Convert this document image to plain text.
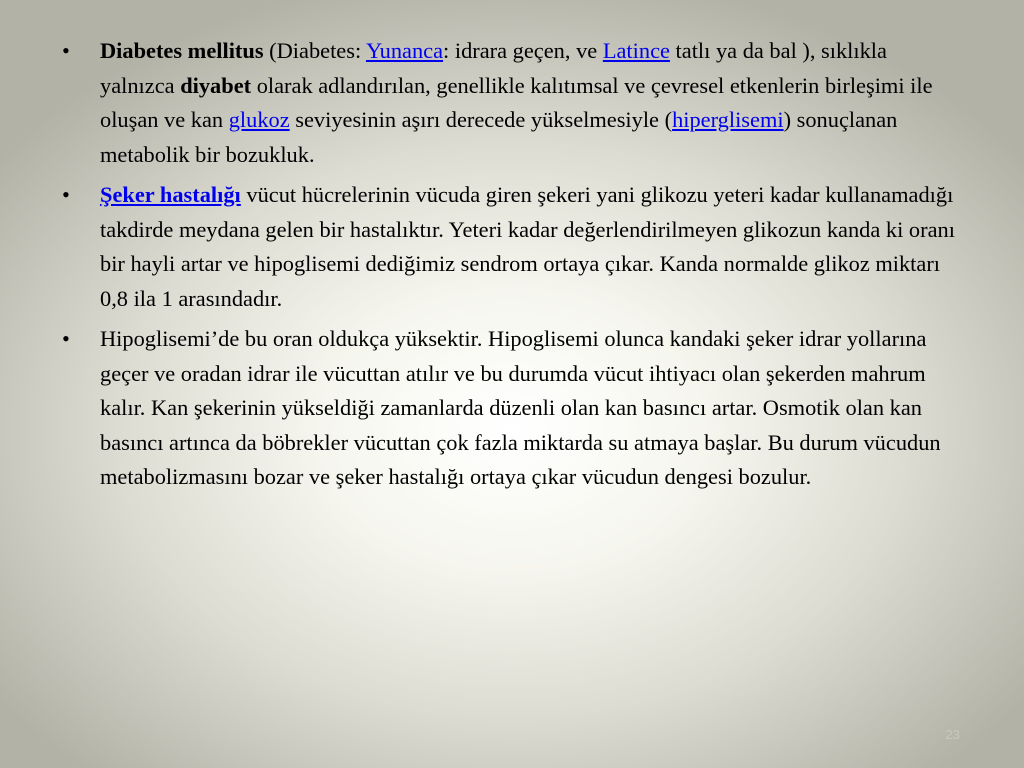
•	Diabetes mellitus (Diabetes: Yunanca: idrara geçen, ve Latince tatlı ya da bal ), sıklıkla yalnızca diyabet olarak adlandırılan, genellikle kalıtımsal ve çevresel etkenlerin birleşimi ile oluşan ve kan glukoz seviyesinin aşırı derecede yükselmesiyle (hiperglisemi) sonuçlanan metabolik bir bozukluk.
•	Şeker hastalığı vücut hücrelerinin vücuda giren şekeri yani glikozu yeteri kadar kullanamadığı takdirde meydana gelen bir hastalıktır. Yeteri kadar değerlendirilmeyen glikozun kanda ki oranı bir hayli artar ve hipoglisemi dediğimiz sendrom ortaya çıkar. Kanda normalde glikoz miktarı 0,8 ila 1 arasındadır.
•	Hipoglisemi’de bu oran oldukça yüksektir. Hipoglisemi olunca kandaki şeker idrar yollarına geçer ve oradan idrar ile vücuttan atılır ve bu durumda vücut ihtiyacı olan şekerden mahrum kalır. Kan şekerinin yükseldiği zamanlarda düzenli olan kan basıncı artar. Osmotik olan kan basıncı artınca da böbrekler vücuttan çok fazla miktarda su atmaya başlar. Bu durum vücudun metabolizmasını bozar ve şeker hastalığı ortaya çıkar vücudun dengesi bozulur.
23
